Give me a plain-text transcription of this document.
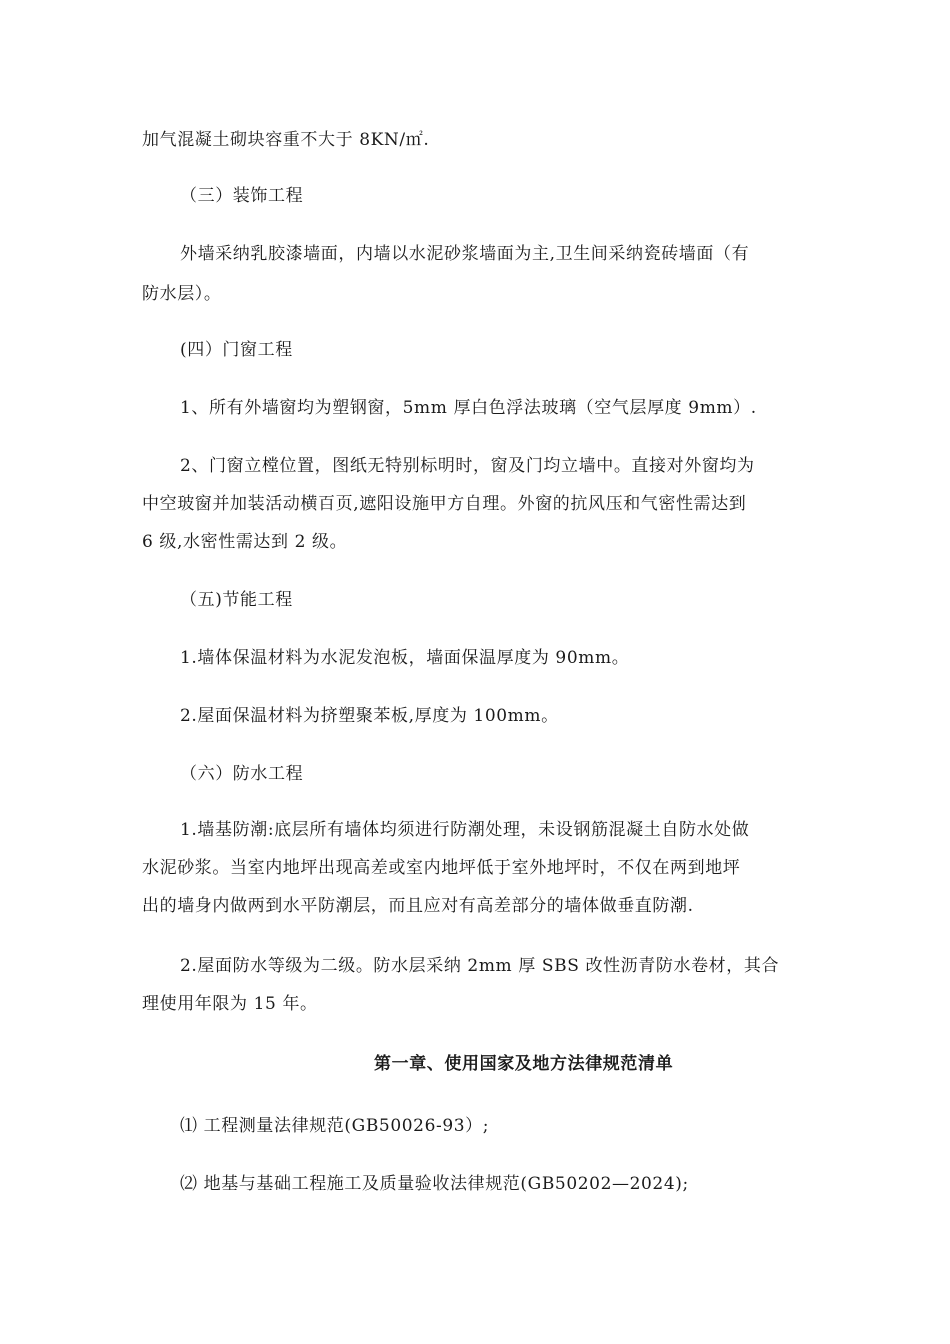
加气混凝土砌块容重不大于 8KN/㎡.
（三）装饰工程
外墙采纳乳胶漆墙面，内墙以水泥砂浆墙面为主,卫生间采纳瓷砖墙面（有
防水层）。
(四）门窗工程
1、所有外墙窗均为塑钢窗，5mm 厚白色浮法玻璃（空气层厚度 9mm）.
2、门窗立樘位置，图纸无特别标明时，窗及门均立墙中。直接对外窗均为
中空玻窗并加装活动横百页,遮阳设施甲方自理。外窗的抗风压和气密性需达到
6 级,水密性需达到 2 级。
（五)节能工程
1.墙体保温材料为水泥发泡板，墙面保温厚度为 90mm。
2.屋面保温材料为挤塑聚苯板,厚度为 100mm。
（六）防水工程
1.墙基防潮:底层所有墙体均须进行防潮处理，未设钢筋混凝土自防水处做
水泥砂浆。当室内地坪出现高差或室内地坪低于室外地坪时，不仅在两到地坪
出的墙身内做两到水平防潮层，而且应对有高差部分的墙体做垂直防潮.
2.屋面防水等级为二级。防水层采纳 2mm 厚 SBS 改性沥青防水卷材，其合
理使用年限为 15 年。
第一章、使用国家及地方法律规范清单
⑴ 工程测量法律规范(GB50026-93）;
⑵ 地基与基础工程施工及质量验收法律规范(GB50202—2024);
